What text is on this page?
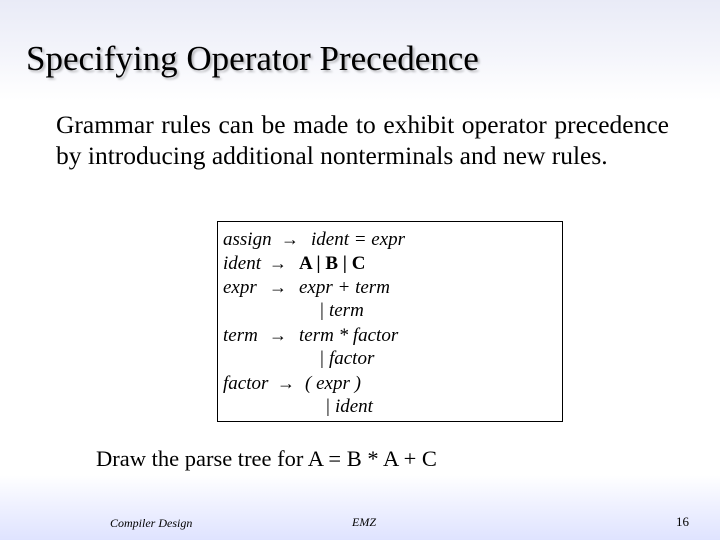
Specifying Operator Precedence
Grammar rules can be made to exhibit operator precedence by introducing additional nonterminals and new rules.
assign → ident = expr
ident → A | B | C
expr → expr + term
| term
term → term * factor
| factor
factor → ( expr )
| ident
Draw the parse tree for A = B * A + C
Compiler Design	EMZ	16
